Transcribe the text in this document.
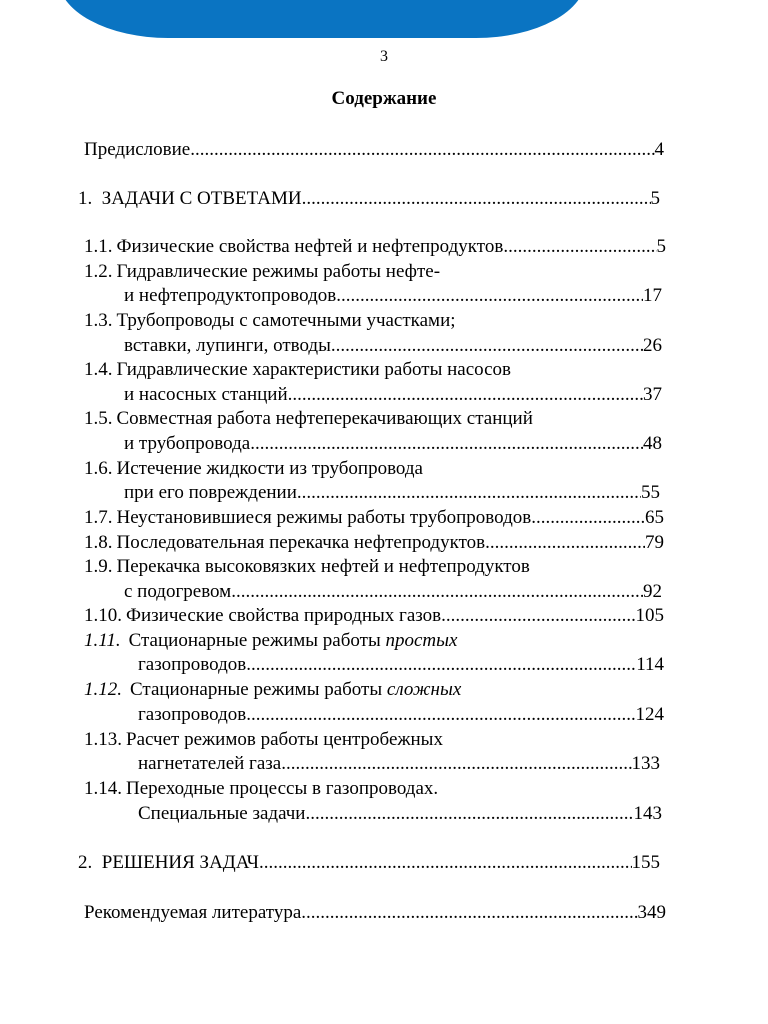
3
Содержание
Предисловие .....	4
1. ЗАДАЧИ С ОТВЕТАМИ .....	5
1.1. Физические свойства нефтей и нефтепродуктов .....	5
1.2. Гидравлические режимы работы нефте-
и нефтепродуктопроводов .....	17
1.3. Трубопроводы с самотечными участками;
вставки, лупинги, отводы .....	26
1.4. Гидравлические характеристики работы насосов
и насосных станций .....	37
1.5. Совместная работа нефтеперекачивающих станций
и трубопровода .....	48
1.6. Истечение жидкости из трубопровода
при его повреждении .....	55
1.7. Неустановившиеся режимы работы трубопроводов .....	65
1.8. Последовательная перекачка нефтепродуктов .....	79
1.9. Перекачка высоковязких нефтей и нефтепродуктов
с подогревом .....	92
1.10. Физические свойства природных газов .....	105
1.11. Стационарные режимы работы простых
газопроводов .....	114
1.12. Стационарные режимы работы сложных
газопроводов .....	124
1.13. Расчет режимов работы центробежных
нагнетателей газа .....	133
1.14. Переходные процессы в газопроводах.
Специальные задачи .....	143
2. РЕШЕНИЯ ЗАДАЧ .....	155
Рекомендуемая литература .....	349
